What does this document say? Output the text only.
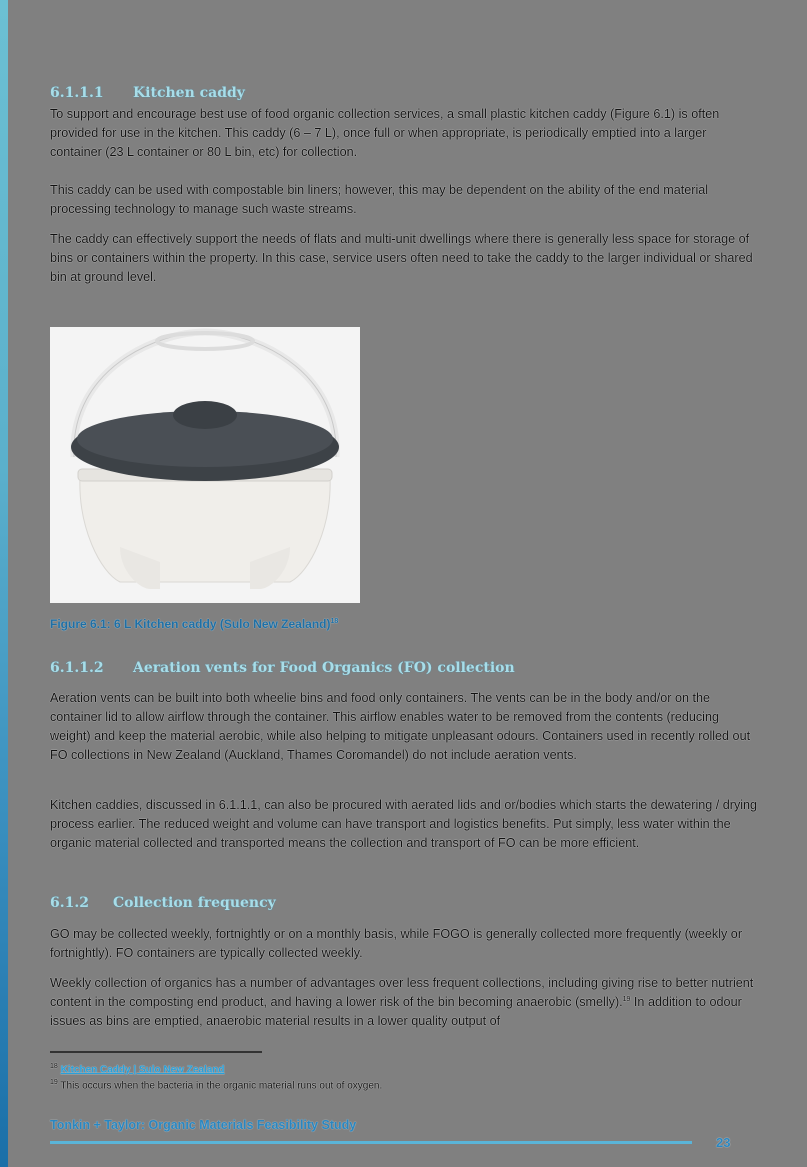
6.1.1.1 Kitchen caddy

To support and encourage best use of food organic collection services, a small plastic kitchen caddy (Figure 6.1) is often provided for use in the kitchen. This caddy (6 – 7 L), once full or when appropriate, is periodically emptied into a larger container (23 L container or 80 L bin, etc) for collection.

This caddy can be used with compostable bin liners; however, this may be dependent on the ability of the end material processing technology to manage such waste streams.

The caddy can effectively support the needs of flats and multi-unit dwellings where there is generally less space for storage of bins or containers within the property. In this case, service users often need to take the caddy to the larger individual or shared bin at ground level.

Figure 6.1: 6 L Kitchen caddy (Sulo New Zealand)$^{18}$
6.1.1.2 Aeration vents for Food Organics (FO) collection

Aeration vents can be built into both wheelie bins and food only containers. The vents can be in the body and/or on the container lid to allow airflow through the container. This airflow enables water to be removed from the contents (reducing weight) and keep the material aerobic, while also helping to mitigate unpleasant odours. Containers used in recently rolled out FO collections in New Zealand (Auckland, Thames Coromandel) do not include aeration vents.

Kitchen caddies, discussed in 6.1.1.1, can also be procured with aerated lids and or/bodies which starts the dewatering / drying process earlier. The reduced weight and volume can have transport and logistics benefits. Put simply, less water within the organic material collected and transported means the collection and transport of FO can be more efficient.

6.1.2 Collection frequency

GO may be collected weekly, fortnightly or on a monthly basis, while FOGO is generally collected more frequently (weekly or fortnightly). FO containers are typically collected weekly.

Weekly collection of organics has a number of advantages over less frequent collections, including giving rise to better nutrient content in the composting end product, and having a lower risk of the bin becoming anaerobic (smelly).$^{19}$ In addition to odour issues as bins are emptied, anaerobic material results in a lower quality output of

$^{18}$ Kitchen Caddy | Sulo New Zealand
$^{19}$ This occurs when the bacteria in the organic material runs out of oxygen.
Tonkin + Taylor: Organic Materials Feasibility Study
23
